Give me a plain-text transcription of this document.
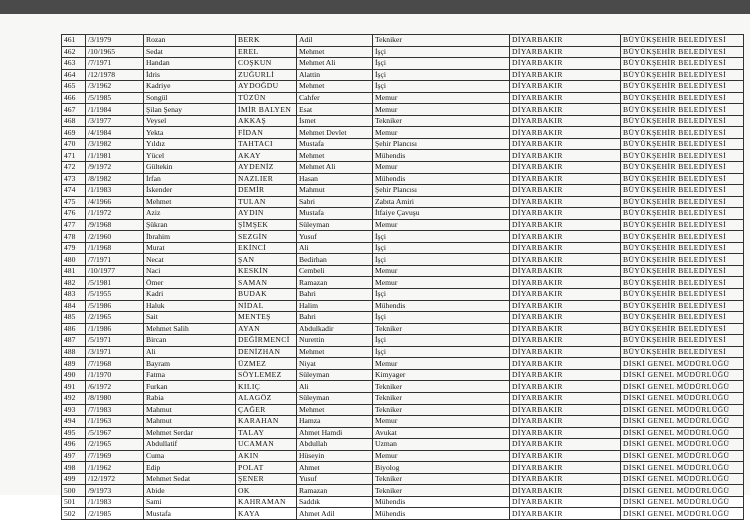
461	/3/1979	Rozan	BERK	Adil	Tekniker	DİYARBAKIR	BÜYÜKŞEHİR BELEDİYESİ
462	/10/1965	Sedat	EREL	Mehmet	İşçi	DİYARBAKIR	BÜYÜKŞEHİR BELEDİYESİ
463	/7/1971	Handan	COŞKUN	Mehmet Ali	İşçi	DİYARBAKIR	BÜYÜKŞEHİR BELEDİYESİ
464	/12/1978	İdris	ZUĞURLİ	Alattin	İşçi	DİYARBAKIR	BÜYÜKŞEHİR BELEDİYESİ
465	/3/1962	Kadriye	AYDOĞDU	Mehmet	İşçi	DİYARBAKIR	BÜYÜKŞEHİR BELEDİYESİ
466	/5/1985	Songül	TÜZÜN	Cahfer	Memur	DİYARBAKIR	BÜYÜKŞEHİR BELEDİYESİ
467	/1/1984	Şilan Şenay	İMİR BALYEN	Esat	Memur	DİYARBAKIR	BÜYÜKŞEHİR BELEDİYESİ
468	/3/1977	Veysel	AKKAŞ	İsmet	Tekniker	DİYARBAKIR	BÜYÜKŞEHİR BELEDİYESİ
469	/4/1984	Yekta	FİDAN	Mehmet Devlet	Memur	DİYARBAKIR	BÜYÜKŞEHİR BELEDİYESİ
470	/3/1982	Yıldız	TAHTACI	Mustafa	Şehir Plancısı	DİYARBAKIR	BÜYÜKŞEHİR BELEDİYESİ
471	/1/1981	Yücel	AKAY	Mehmet	Mühendis	DİYARBAKIR	BÜYÜKŞEHİR BELEDİYESİ
472	/9/1972	Gültekin	AYDENİZ	Mehmet Ali	Memur	DİYARBAKIR	BÜYÜKŞEHİR BELEDİYESİ
473	/8/1982	İrfan	NAZLIER	Hasan	Mühendis	DİYARBAKIR	BÜYÜKŞEHİR BELEDİYESİ
474	/1/1983	İskender	DEMİR	Mahmut	Şehir Plancısı	DİYARBAKIR	BÜYÜKŞEHİR BELEDİYESİ
475	/4/1966	Mehmet	TULAN	Sabri	Zabıta Amiri	DİYARBAKIR	BÜYÜKŞEHİR BELEDİYESİ
476	/1/1972	Aziz	AYDIN	Mustafa	İtfaiye Çavuşu	DİYARBAKIR	BÜYÜKŞEHİR BELEDİYESİ
477	/9/1968	Şükran	ŞİMŞEK	Süleyman	Memur	DİYARBAKIR	BÜYÜKŞEHİR BELEDİYESİ
478	/2/1960	İbrahim	SEZGİN	Yusuf	İşçi	DİYARBAKIR	BÜYÜKŞEHİR BELEDİYESİ
479	/1/1968	Murat	EKİNCİ	Ali	İşçi	DİYARBAKIR	BÜYÜKŞEHİR BELEDİYESİ
480	/7/1971	Necat	ŞAN	Bedirhan	İşçi	DİYARBAKIR	BÜYÜKŞEHİR BELEDİYESİ
481	/10/1977	Naci	KESKİN	Cembeli	Memur	DİYARBAKIR	BÜYÜKŞEHİR BELEDİYESİ
482	/5/1981	Ömer	SAMAN	Ramazan	Memur	DİYARBAKIR	BÜYÜKŞEHİR BELEDİYESİ
483	/5/1955	Kadri	BUDAK	Bahri	İşçi	DİYARBAKIR	BÜYÜKŞEHİR BELEDİYESİ
484	/5/1986	Haluk	NİDAL	Halim	Mühendis	DİYARBAKIR	BÜYÜKŞEHİR BELEDİYESİ
485	/2/1965	Sait	MENTEŞ	Bahri	İşçi	DİYARBAKIR	BÜYÜKŞEHİR BELEDİYESİ
486	/1/1986	Mehmet Salih	AYAN	Abdulkadir	Tekniker	DİYARBAKIR	BÜYÜKŞEHİR BELEDİYESİ
487	/5/1971	Bircan	DEĞİRMENCİ	Nurettin	İşçi	DİYARBAKIR	BÜYÜKŞEHİR BELEDİYESİ
488	/3/1971	Ali	DENİZHAN	Mehmet	İşçi	DİYARBAKIR	BÜYÜKŞEHİR BELEDİYESİ
489	/7/1968	Bayram	ÜZMEZ	Niyat	Memur	DİYARBAKIR	DİSKİ GENEL MÜDÜRLÜĞÜ
490	/1/1970	Fatma	SÖYLEMEZ	Süleyman	Kimyager	DİYARBAKIR	DİSKİ GENEL MÜDÜRLÜĞÜ
491	/6/1972	Furkan	KILIÇ	Ali	Tekniker	DİYARBAKIR	DİSKİ GENEL MÜDÜRLÜĞÜ
492	/8/1980	Rabia	ALAGÖZ	Süleyman	Tekniker	DİYARBAKIR	DİSKİ GENEL MÜDÜRLÜĞÜ
493	/7/1983	Mahmut	ÇAĞER	Mehmet	Tekniker	DİYARBAKIR	DİSKİ GENEL MÜDÜRLÜĞÜ
494	/1/1963	Mahmut	KARAHAN	Hamza	Memur	DİYARBAKIR	DİSKİ GENEL MÜDÜRLÜĞÜ
495	/5/1967	Mehmet Serdar	TALAY	Ahmet Hamdi	Avukat	DİYARBAKIR	DİSKİ GENEL MÜDÜRLÜĞÜ
496	/2/1965	Abdullatif	UCAMAN	Abdullah	Uzman	DİYARBAKIR	DİSKİ GENEL MÜDÜRLÜĞÜ
497	/7/1969	Cuma	AKIN	Hüseyin	Memur	DİYARBAKIR	DİSKİ GENEL MÜDÜRLÜĞÜ
498	/1/1962	Edip	POLAT	Ahmet	Biyolog	DİYARBAKIR	DİSKİ GENEL MÜDÜRLÜĞÜ
499	/12/1972	Mehmet Sedat	ŞENER	Yusuf	Tekniker	DİYARBAKIR	DİSKİ GENEL MÜDÜRLÜĞÜ
500	/9/1973	Abide	OK	Ramazan	Tekniker	DİYARBAKIR	DİSKİ GENEL MÜDÜRLÜĞÜ
501	/1/1983	Sami	KAHRAMAN	Saddık	Mühendis	DİYARBAKIR	DİSKİ GENEL MÜDÜRLÜĞÜ
502	/2/1985	Mustafa	KAYA	Ahmet Adil	Mühendis	DİYARBAKIR	DİSKİ GENEL MÜDÜRLÜĞÜ
